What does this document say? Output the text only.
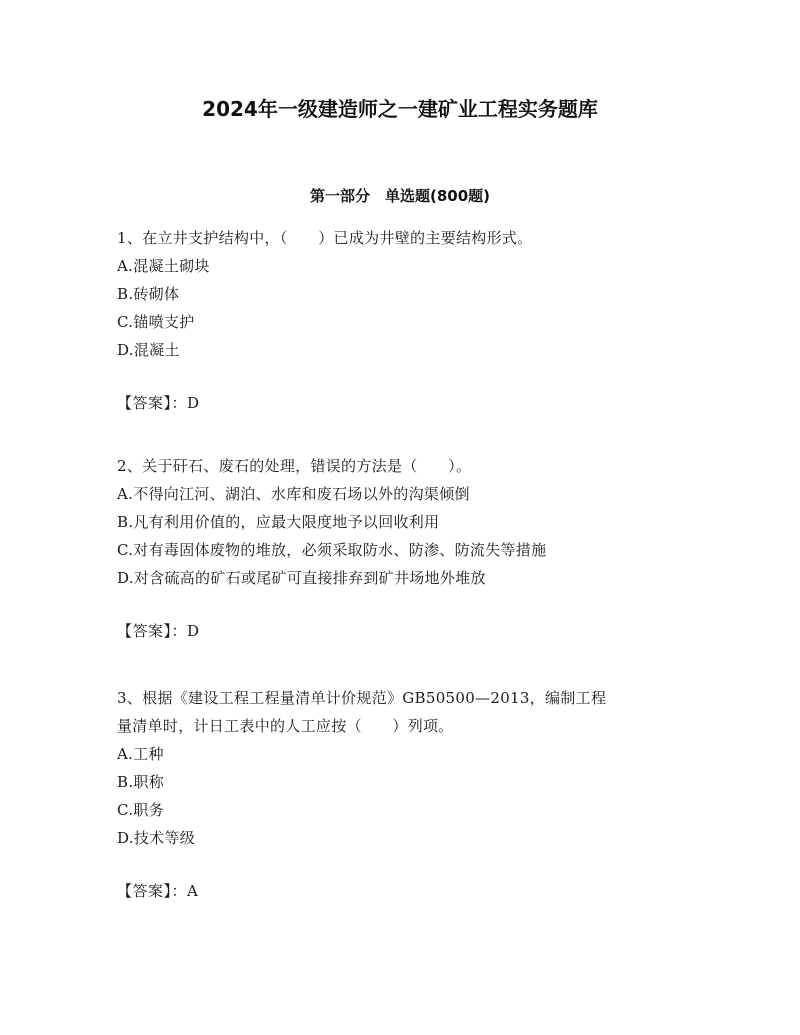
2024年一级建造师之一建矿业工程实务题库
第一部分　单选题(800题)
1、在立井支护结构中，（　　）已成为井壁的主要结构形式。
A.混凝土砌块
B.砖砌体
C.锚喷支护
D.混凝土
【答案】：D
2、关于矸石、废石的处理，错误的方法是（　　）。
A.不得向江河、湖泊、水库和废石场以外的沟渠倾倒
B.凡有利用价值的，应最大限度地予以回收利用
C.对有毒固体废物的堆放，必须采取防水、防渗、防流失等措施
D.对含硫高的矿石或尾矿可直接排弃到矿井场地外堆放
【答案】：D
3、根据《建设工程工程量清单计价规范》GB50500—2013，编制工程
量清单时，计日工表中的人工应按（　　）列项。
A.工种
B.职称
C.职务
D.技术等级
【答案】：A
